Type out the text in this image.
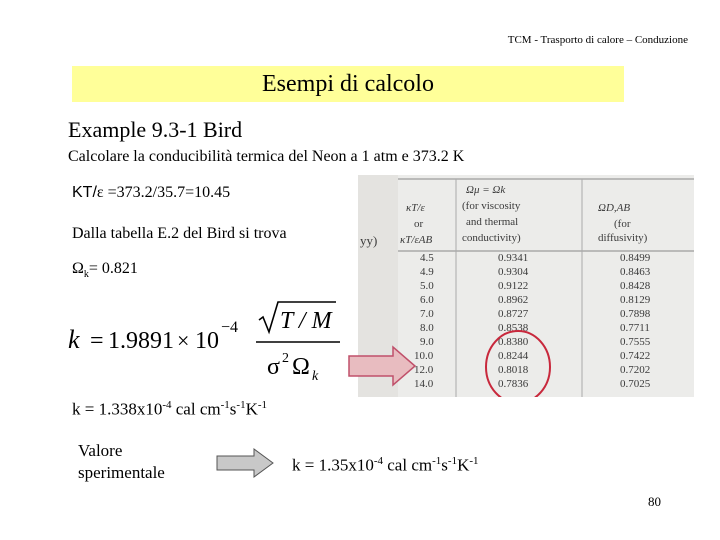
TCM - Trasporto di calore – Conduzione
Esempi di calcolo
Example 9.3-1 Bird
Calcolare la conducibilità termica del Neon a 1 atm e 373.2 K
KT/ε =373.2/35.7=10.45
Dalla tabella E.2 del Bird si trova
$\Omega_k= 0.821$
k = 1.9891 × 10
−4 T / M
σ 2 Ω k
yy)
κT/ε
or
κT/εAB
Ωμ = Ωk
(for viscosity
and thermal
conductivity)
ΩD,AB
(for
diffusivity)
4.5	0.9341	0.8499
4.9	0.9304	0.8463
5.0	0.9122	0.8428
6.0	0.8962	0.8129
7.0	0.8727	0.7898
8.0	0.8538	0.7711
9.0	0.8380	0.7555
10.0	0.8244	0.7422
12.0	0.8018	0.7202
14.0	0.7836	0.7025
$k = 1.338x10^{-4}$ cal $cm^{-1}s^{-1}K^{-1}$
Valore
sperimentale	$k = 1.35x10^{-4}$ cal $cm^{-1}s^{-1}K^{-1}$
80
